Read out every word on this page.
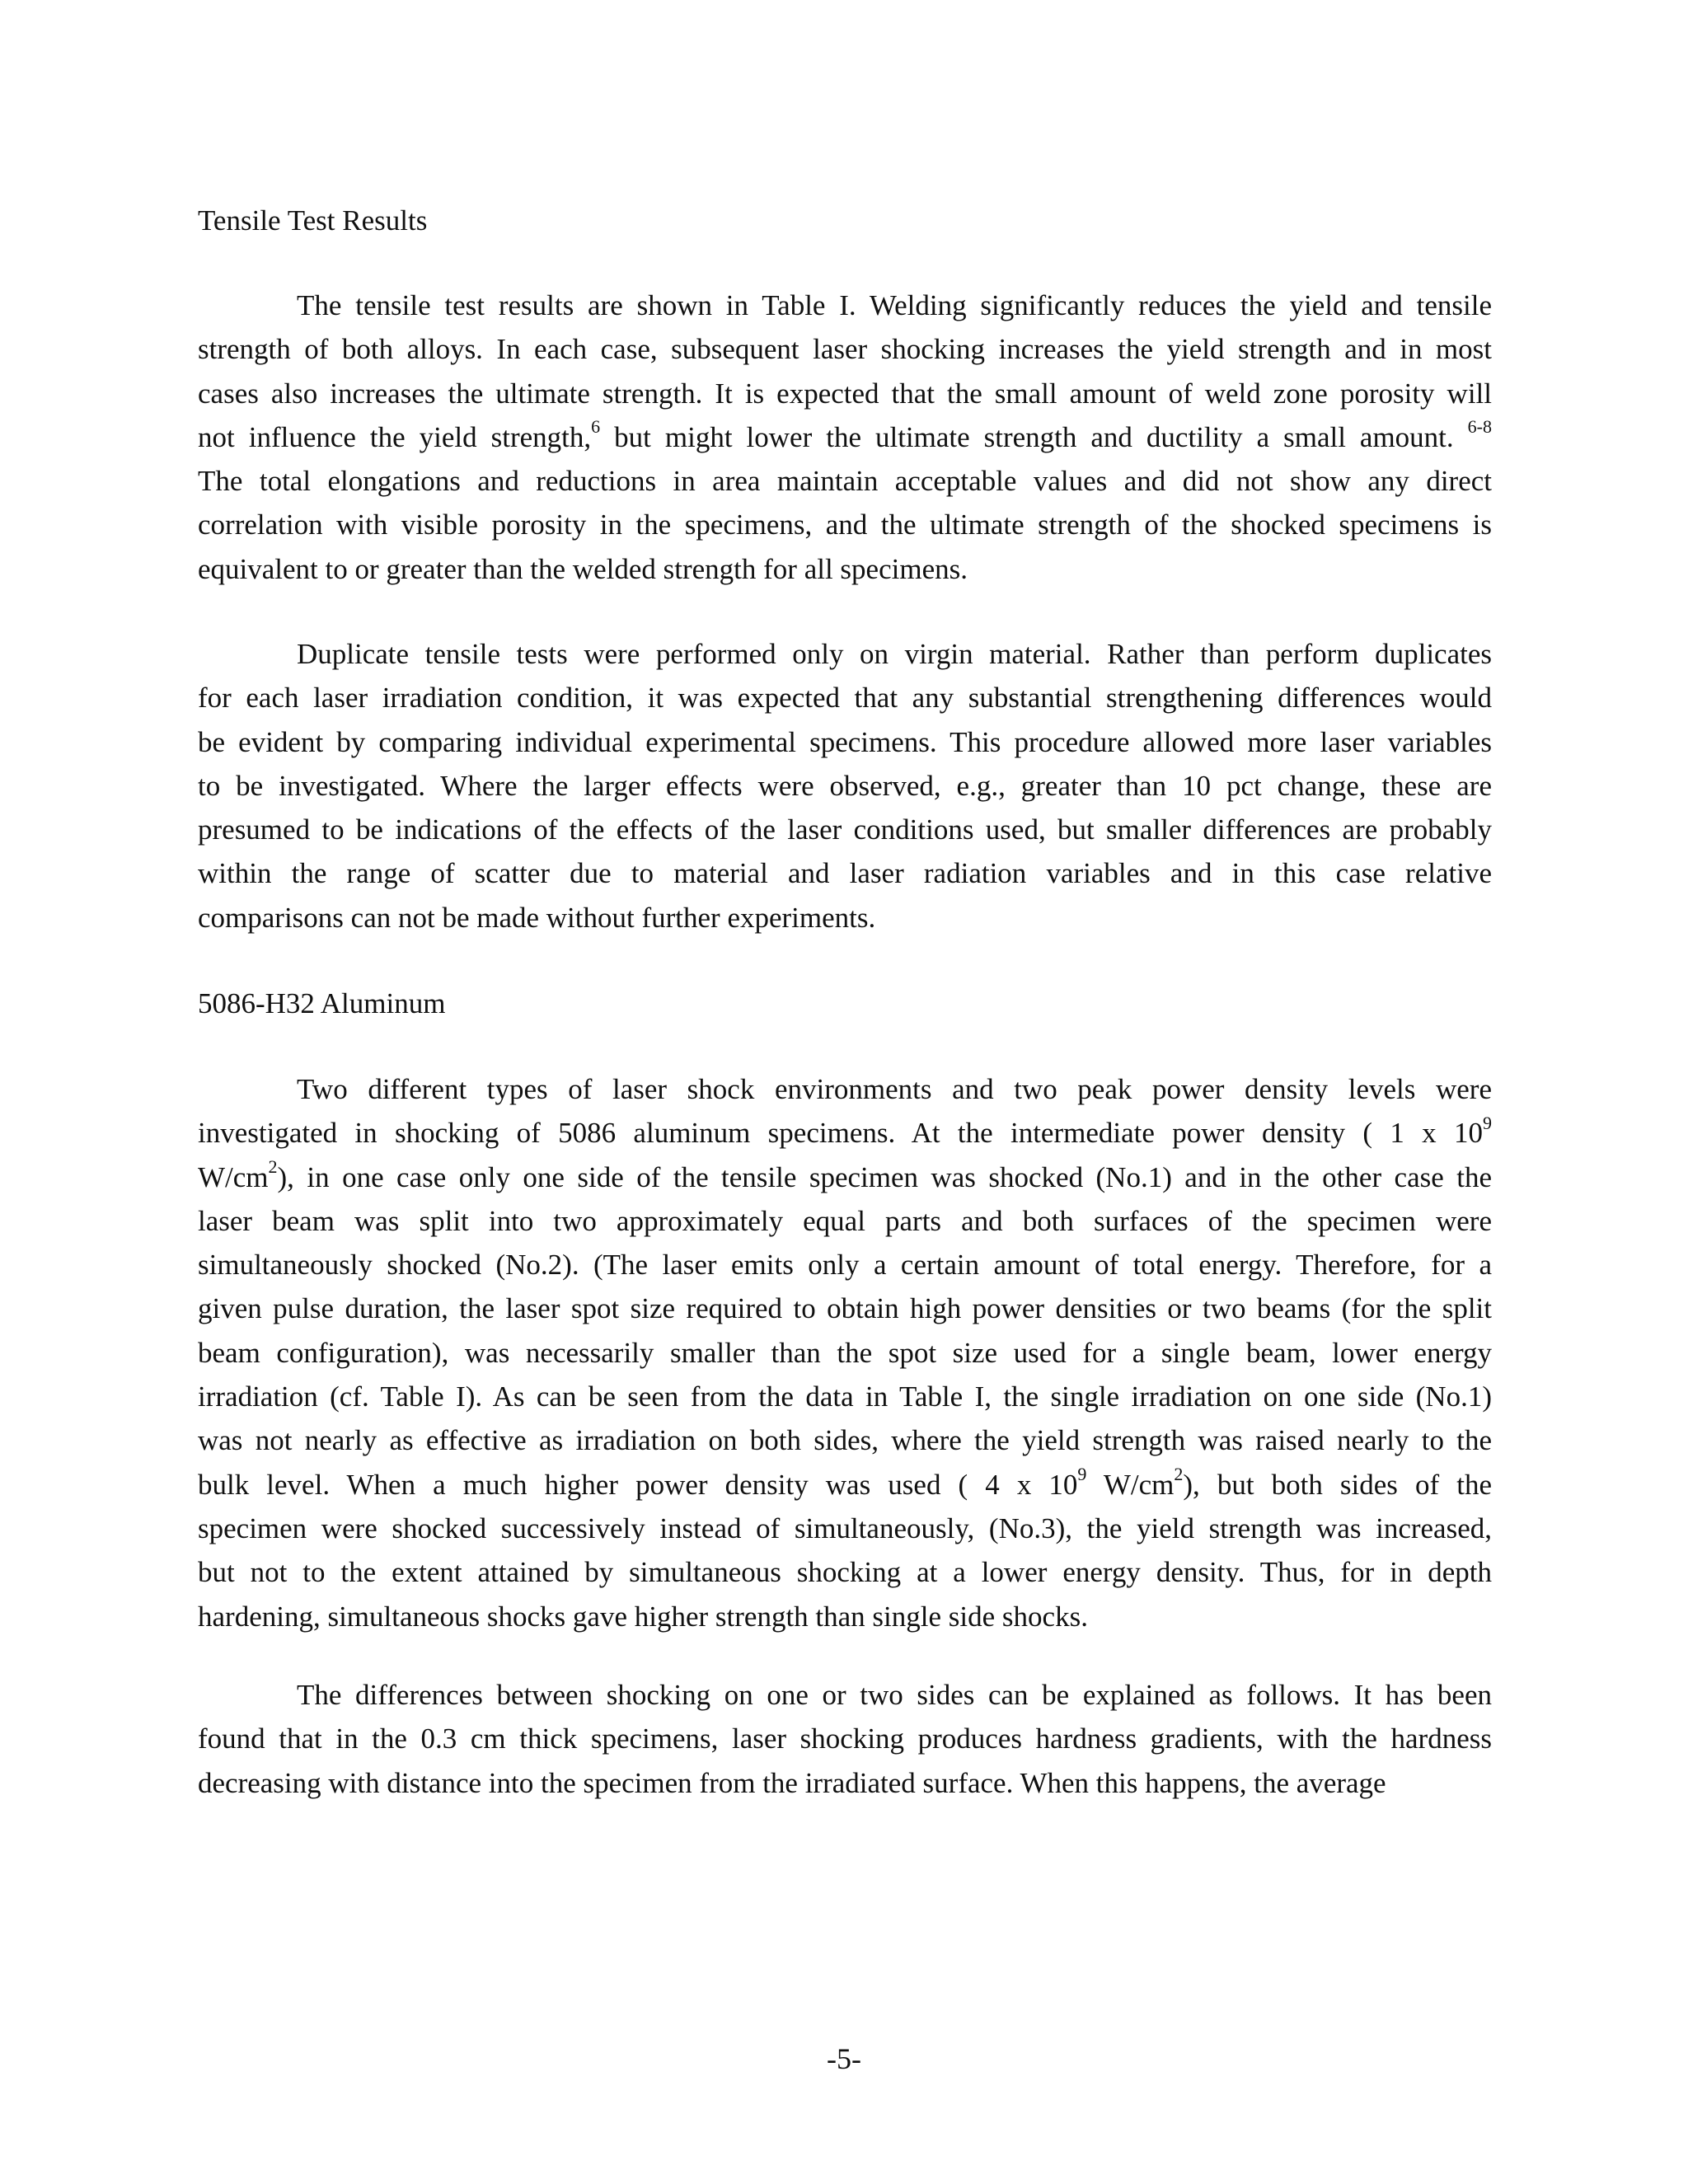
Tensile Test Results
The tensile test results are shown in Table I. Welding significantly reduces the yield and tensile
strength of both alloys. In each case, subsequent laser shocking increases the yield strength and in most
cases also increases the ultimate strength. It is expected that the small amount of weld zone porosity will
not influence the yield strength,$^6$ but might lower the ultimate strength and ductility a small amount. $^{6-8}$
The total elongations and reductions in area maintain acceptable values and did not show any direct
correlation with visible porosity in the specimens, and the ultimate strength of the shocked specimens is
equivalent to or greater than the welded strength for all specimens.
Duplicate tensile tests were performed only on virgin material. Rather than perform duplicates
for each laser irradiation condition, it was expected that any substantial strengthening differences would
be evident by comparing individual experimental specimens. This procedure allowed more laser variables
to be investigated. Where the larger effects were observed, e.g., greater than 10 pct change, these are
presumed to be indications of the effects of the laser conditions used, but smaller differences are probably
within the range of scatter due to material and laser radiation variables and in this case relative
comparisons can not be made without further experiments.
5086-H32 Aluminum
Two different types of laser shock environments and two peak power density levels were
investigated in shocking of 5086 aluminum specimens. At the intermediate power density ( 1 x $10^9$
$W/cm^2$), in one case only one side of the tensile specimen was shocked (No.1) and in the other case the
laser beam was split into two approximately equal parts and both surfaces of the specimen were
simultaneously shocked (No.2). (The laser emits only a certain amount of total energy. Therefore, for a
given pulse duration, the laser spot size required to obtain high power densities or two beams (for the split
beam configuration), was necessarily smaller than the spot size used for a single beam, lower energy
irradiation (cf. Table I). As can be seen from the data in Table I, the single irradiation on one side (No.1)
was not nearly as effective as irradiation on both sides, where the yield strength was raised nearly to the
bulk level. When a much higher power density was used ( 4 x $10^9$ $W/cm^2$), but both sides of the
specimen were shocked successively instead of simultaneously, (No.3), the yield strength was increased,
but not to the extent attained by simultaneous shocking at a lower energy density. Thus, for in depth
hardening, simultaneous shocks gave higher strength than single side shocks.
The differences between shocking on one or two sides can be explained as follows. It has been
found that in the 0.3 cm thick specimens, laser shocking produces hardness gradients, with the hardness
decreasing with distance into the specimen from the irradiated surface. When this happens, the average
-5-
